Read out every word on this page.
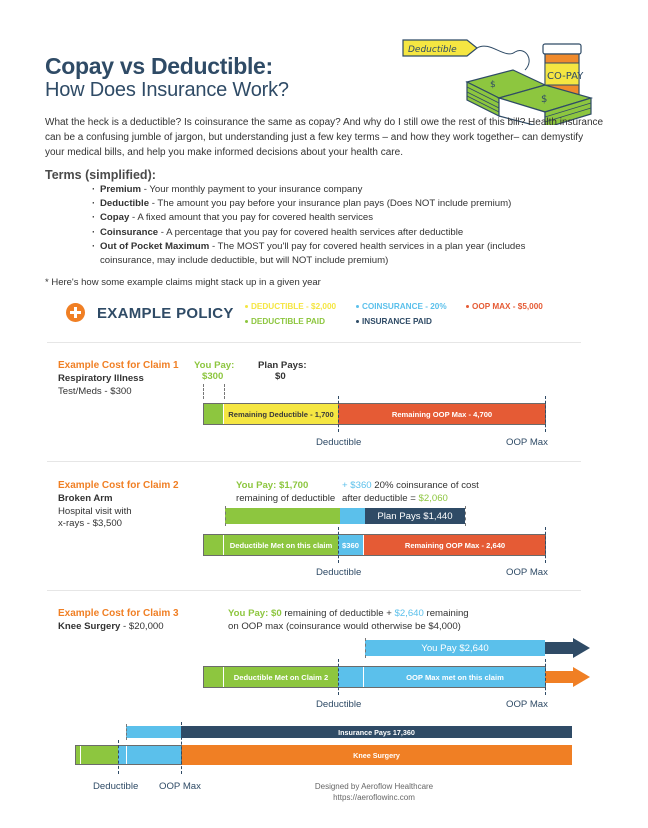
Copay vs Deductible:
How Does Insurance Work?
Deductible
CO-PAY
$
$
What the heck is a deductible? Is coinsurance the same as copay? And why do I still owe the rest of this bill? Health insurance can be a confusing jumble of jargon, but understanding just a few key terms – and how they work together– can demystify your medical bills, and help you make informed decisions about your health care.
Terms (simplified):
· Premium - Your monthly payment to your insurance company
· Deductible - The amount you pay before your insurance plan pays (Does NOT include premium)
· Copay - A fixed amount that you pay for covered health services
· Coinsurance - A percentage that you pay for covered health services after deductible
· Out of Pocket Maximum - The MOST you'll pay for covered health services in a plan year (includes coinsurance, may include deductible, but will NOT include premium)
* Here's how some example claims might stack up in a given year
EXAMPLE POLICY	DEDUCTIBLE - $2,000	COINSURANCE - 20%	OOP MAX - $5,000
DEDUCTIBLE PAID	INSURANCE PAID
Example Cost for Claim 1
Respiratory Illness
Test/Meds - $300
You Pay:
$300
Plan Pays:
$0
Remaining Deductible - 1,700	Remaining OOP Max - 4,700
Deductible	OOP Max
Example Cost for Claim 2
Broken Arm
Hospital visit with
x-rays - $3,500
You Pay: $1,700
remaining of deductible
+ $360 20% coinsurance of cost
after deductible = $2,060
Plan Pays $1,440
Deductible Met on this claim	$360	Remaining OOP Max - 2,640
Deductible	OOP Max
Example Cost for Claim 3
Knee Surgery - $20,000
You Pay: $0 remaining of deductible + $2,640 remaining
on OOP max (coinsurance would otherwise be $4,000)
You Pay $2,640
Deductible Met on Claim 2	OOP Max met on this claim
Deductible	OOP Max
Insurance Pays 17,360
Knee Surgery
Deductible OOP Max	Designed by Aeroflow Healthcare
https://aeroflowinc.com
